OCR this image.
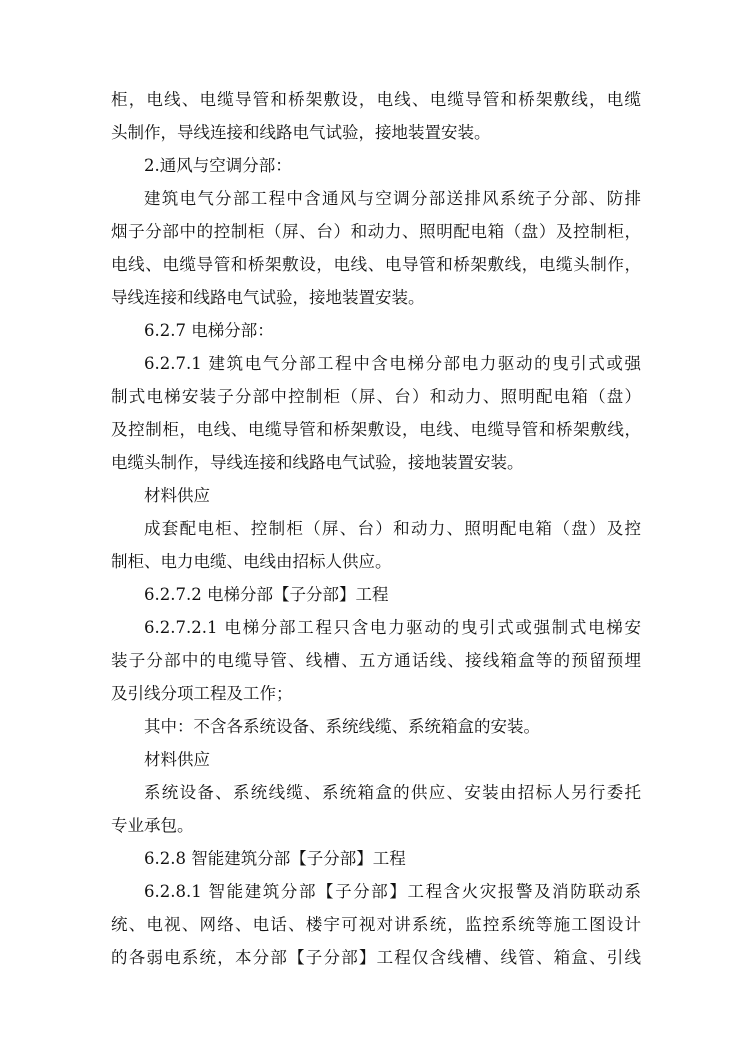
柜，电线、电缆导管和桥架敷设，电线、电缆导管和桥架敷线，电缆
头制作，导线连接和线路电气试验，接地装置安装。
2.通风与空调分部：
建筑电气分部工程中含通风与空调分部送排风系统子分部、防排
烟子分部中的控制柜（屏、台）和动力、照明配电箱（盘）及控制柜，
电线、电缆导管和桥架敷设，电线、电导管和桥架敷线，电缆头制作，
导线连接和线路电气试验，接地装置安装。
6.2.7 电梯分部：
6.2.7.1 建筑电气分部工程中含电梯分部电力驱动的曳引式或强
制式电梯安装子分部中控制柜（屏、台）和动力、照明配电箱（盘）
及控制柜，电线、电缆导管和桥架敷设，电线、电缆导管和桥架敷线，
电缆头制作，导线连接和线路电气试验，接地装置安装。
材料供应
成套配电柜、控制柜（屏、台）和动力、照明配电箱（盘）及控
制柜、电力电缆、电线由招标人供应。
6.2.7.2 电梯分部【子分部】工程
6.2.7.2.1 电梯分部工程只含电力驱动的曳引式或强制式电梯安
装子分部中的电缆导管、线槽、五方通话线、接线箱盒等的预留预埋
及引线分项工程及工作；
其中：不含各系统设备、系统线缆、系统箱盒的安装。
材料供应
系统设备、系统线缆、系统箱盒的供应、安装由招标人另行委托
专业承包。
6.2.8 智能建筑分部【子分部】工程
6.2.8.1 智能建筑分部【子分部】工程含火灾报警及消防联动系
统、电视、网络、电话、楼宇可视对讲系统，监控系统等施工图设计
的各弱电系统，本分部【子分部】工程仅含线槽、线管、箱盒、引线
